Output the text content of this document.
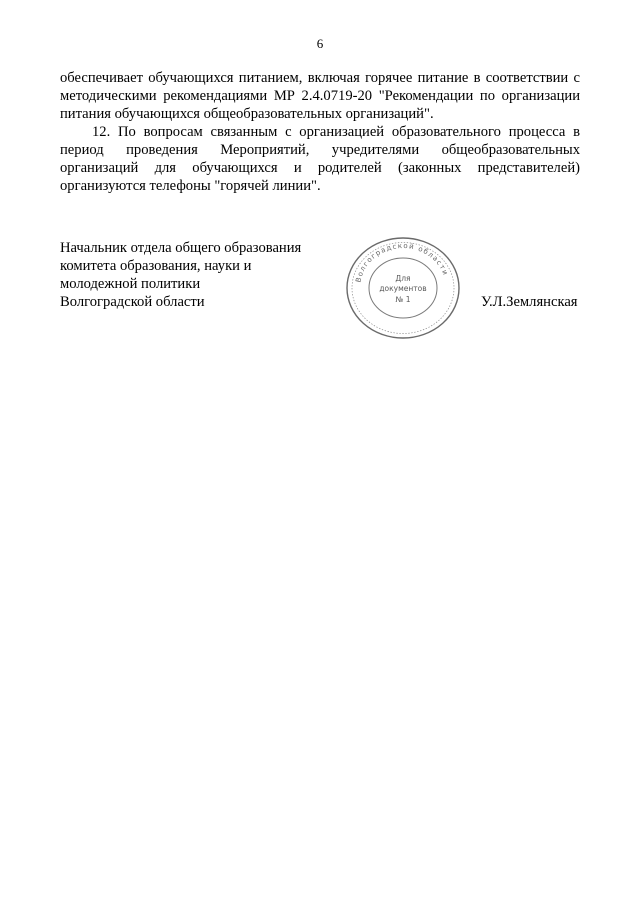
6

обеспечивает обучающихся питанием, включая горячее питание в соответствии с методическими рекомендациями МР 2.4.0719-20 "Рекомендации по организации питания обучающихся общеобразовательных организаций".

12. По вопросам связанным с организацией образовательного процесса в период проведения Мероприятий, учредителями общеобразовательных организаций для обучающихся и родителей (законных представителей) организуются телефоны "горячей линии".

Начальник отдела общего образования
комитета образования, науки и
молодежной политики
Волгоградской области
Волгоградской области
Для
документов
№ 1	У.Л.Землянская
